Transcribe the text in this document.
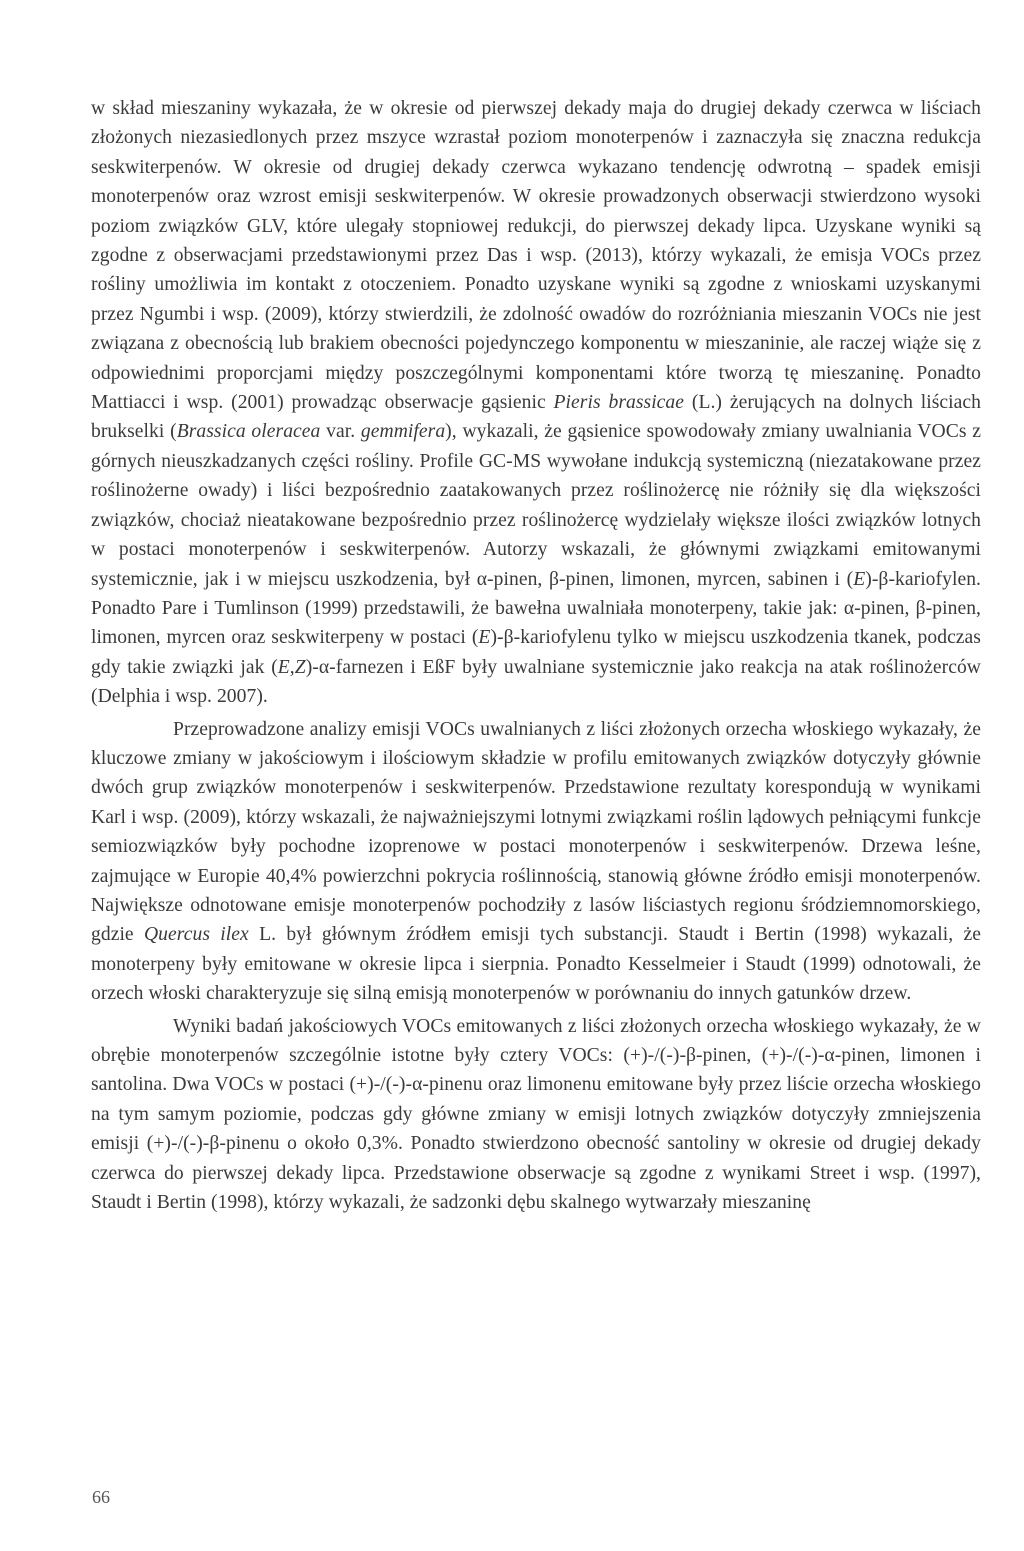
w skład mieszaniny wykazała, że w okresie od pierwszej dekady maja do drugiej dekady czerwca w liściach złożonych niezasiedlonych przez mszyce wzrastał poziom monoterpenów i zaznaczyła się znaczna redukcja seskwiterpenów. W okresie od drugiej dekady czerwca wykazano tendencję odwrotną – spadek emisji monoterpenów oraz wzrost emisji seskwiterpenów. W okresie prowadzonych obserwacji stwierdzono wysoki poziom związków GLV, które ulegały stopniowej redukcji, do pierwszej dekady lipca. Uzyskane wyniki są zgodne z obserwacjami przedstawionymi przez Das i wsp. (2013), którzy wykazali, że emisja VOCs przez rośliny umożliwia im kontakt z otoczeniem. Ponadto uzyskane wyniki są zgodne z wnioskami uzyskanymi przez Ngumbi i wsp. (2009), którzy stwierdzili, że zdolność owadów do rozróżniania mieszanin VOCs nie jest związana z obecnością lub brakiem obecności pojedynczego komponentu w mieszaninie, ale raczej wiąże się z odpowiednimi proporcjami między poszczególnymi komponentami które tworzą tę mieszaninę. Ponadto Mattiacci i wsp. (2001) prowadząc obserwacje gąsienic Pieris brassicae (L.) żerujących na dolnych liściach brukselki (Brassica oleracea var. gemmifera), wykazali, że gąsienice spowodowały zmiany uwalniania VOCs z górnych nieuszkadzanych części rośliny. Profile GC-MS wywołane indukcją systemiczną (niezatakowane przez roślinożerne owady) i liści bezpośrednio zaatakowanych przez roślinożercę nie różniły się dla większości związków, chociaż nieatakowane bezpośrednio przez roślinożercę wydzielały większe ilości związków lotnych w postaci monoterpenów i seskwiterpenów. Autorzy wskazali, że głównymi związkami emitowanymi systemicznie, jak i w miejscu uszkodzenia, był α-pinen, β-pinen, limonen, myrcen, sabinen i (E)-β-kariofylen. Ponadto Pare i Tumlinson (1999) przedstawili, że bawełna uwalniała monoterpeny, takie jak: α-pinen, β-pinen, limonen, myrcen oraz seskwiterpeny w postaci (E)-β-kariofylenu tylko w miejscu uszkodzenia tkanek, podczas gdy takie związki jak (E,Z)-α-farnezen i EßF były uwalniane systemicznie jako reakcja na atak roślinożerców (Delphia i wsp. 2007).

Przeprowadzone analizy emisji VOCs uwalnianych z liści złożonych orzecha włoskiego wykazały, że kluczowe zmiany w jakościowym i ilościowym składzie w profilu emitowanych związków dotyczyły głównie dwóch grup związków monoterpenów i seskwiterpenów. Przedstawione rezultaty korespondują w wynikami Karl i wsp. (2009), którzy wskazali, że najważniejszymi lotnymi związkami roślin lądowych pełniącymi funkcje semiozwiązków były pochodne izoprenowe w postaci monoterpenów i seskwiterpenów. Drzewa leśne, zajmujące w Europie 40,4% powierzchni pokrycia roślinnością, stanowią główne źródło emisji monoterpenów. Największe odnotowane emisje monoterpenów pochodziły z lasów liściastych regionu śródziemnomorskiego, gdzie Quercus ilex L. był głównym źródłem emisji tych substancji. Staudt i Bertin (1998) wykazali, że monoterpeny były emitowane w okresie lipca i sierpnia. Ponadto Kesselmeier i Staudt (1999) odnotowali, że orzech włoski charakteryzuje się silną emisją monoterpenów w porównaniu do innych gatunków drzew.

Wyniki badań jakościowych VOCs emitowanych z liści złożonych orzecha włoskiego wykazały, że w obrębie monoterpenów szczególnie istotne były cztery VOCs: (+)-/(-)-β-pinen, (+)-/(-)-α-pinen, limonen i santolina. Dwa VOCs w postaci (+)-/(-)-α-pinenu oraz limonenu emitowane były przez liście orzecha włoskiego na tym samym poziomie, podczas gdy główne zmiany w emisji lotnych związków dotyczyły zmniejszenia emisji (+)-/(-)-β-pinenu o około 0,3%. Ponadto stwierdzono obecność santoliny w okresie od drugiej dekady czerwca do pierwszej dekady lipca. Przedstawione obserwacje są zgodne z wynikami Street i wsp. (1997), Staudt i Bertin (1998), którzy wykazali, że sadzonki dębu skalnego wytwarzały mieszaninę

66
